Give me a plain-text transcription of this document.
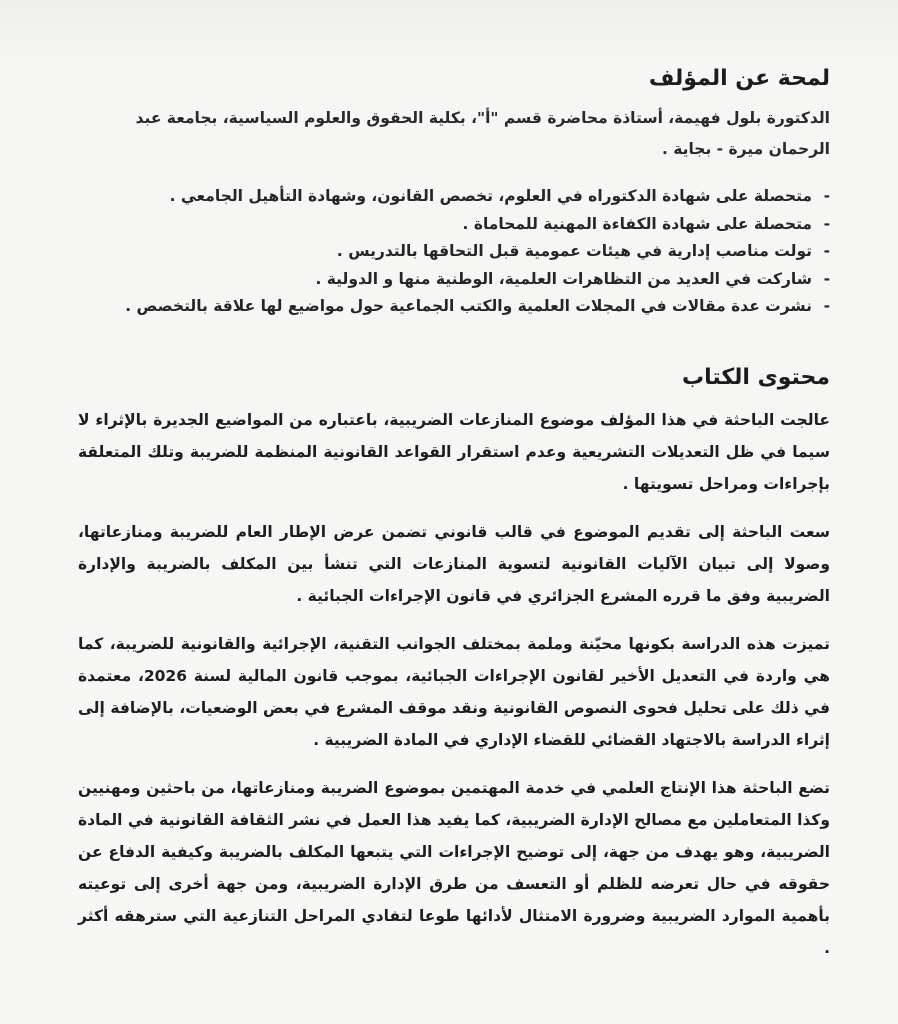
لمحة عن المؤلف

الدكتورة بلول فهيمة، أستاذة محاضرة قسم "أ"، بكلية الحقوق والعلوم السياسية، بجامعة عبد الرحمان ميرة - بجاية .

-
متحصلة على شهادة الدكتوراه في العلوم، تخصص القانون، وشهادة التأهيل الجامعي .
-
متحصلة على شهادة الكفاءة المهنية للمحاماة .
-
تولت مناصب إدارية في هيئات عمومية قبل التحاقها بالتدريس .
-
شاركت في العديد من التظاهرات العلمية، الوطنية منها و الدولية .
-
نشرت عدة مقالات في المجلات العلمية والكتب الجماعية حول مواضيع لها علاقة بالتخصص .
محتوى الكتاب

عالجت الباحثة في هذا المؤلف موضوع المنازعات الضريبية، باعتباره من المواضيع الجديرة بالإثراء لا سيما في ظل التعديلات التشريعية وعدم استقرار القواعد القانونية المنظمة للضريبة وتلك المتعلقة بإجراءات ومراحل تسويتها .

سعت الباحثة إلى تقديم الموضوع في قالب قانوني تضمن عرض الإطار العام للضريبة ومنازعاتها، وصولا إلى تبيان الآليات القانونية لتسوية المنازعات التي تنشأ بين المكلف بالضريبة والإدارة الضريبية وفق ما قرره المشرع الجزائري في قانون الإجراءات الجبائية .

تميزت هذه الدراسة بكونها محيّنة وملمة بمختلف الجوانب التقنية، الإجرائية والقانونية للضريبة، كما هي واردة في التعديل الأخير لقانون الإجراءات الجبائية، بموجب قانون المالية لسنة 2026، معتمدة في ذلك على تحليل فحوى النصوص القانونية ونقد موقف المشرع في بعض الوضعيات، بالإضافة إلى إثراء الدراسة بالاجتهاد القضائي للقضاء الإداري في المادة الضريبية .

تضع الباحثة هذا الإنتاج العلمي في خدمة المهتمين بموضوع الضريبة ومنازعاتها، من باحثين ومهنيين وكذا المتعاملين مع مصالح الإدارة الضريبية، كما يفيد هذا العمل في نشر الثقافة القانونية في المادة الضريبية، وهو يهدف من جهة، إلى توضيح الإجراءات التي يتبعها المكلف بالضريبة وكيفية الدفاع عن حقوقه في حال تعرضه للظلم أو التعسف من طرق الإدارة الضريبية، ومن جهة أخرى إلى توعيته بأهمية الموارد الضريبية وضرورة الامتثال لأدائها طوعا لتفادي المراحل التنازعية التي سترهقه أكثر .
